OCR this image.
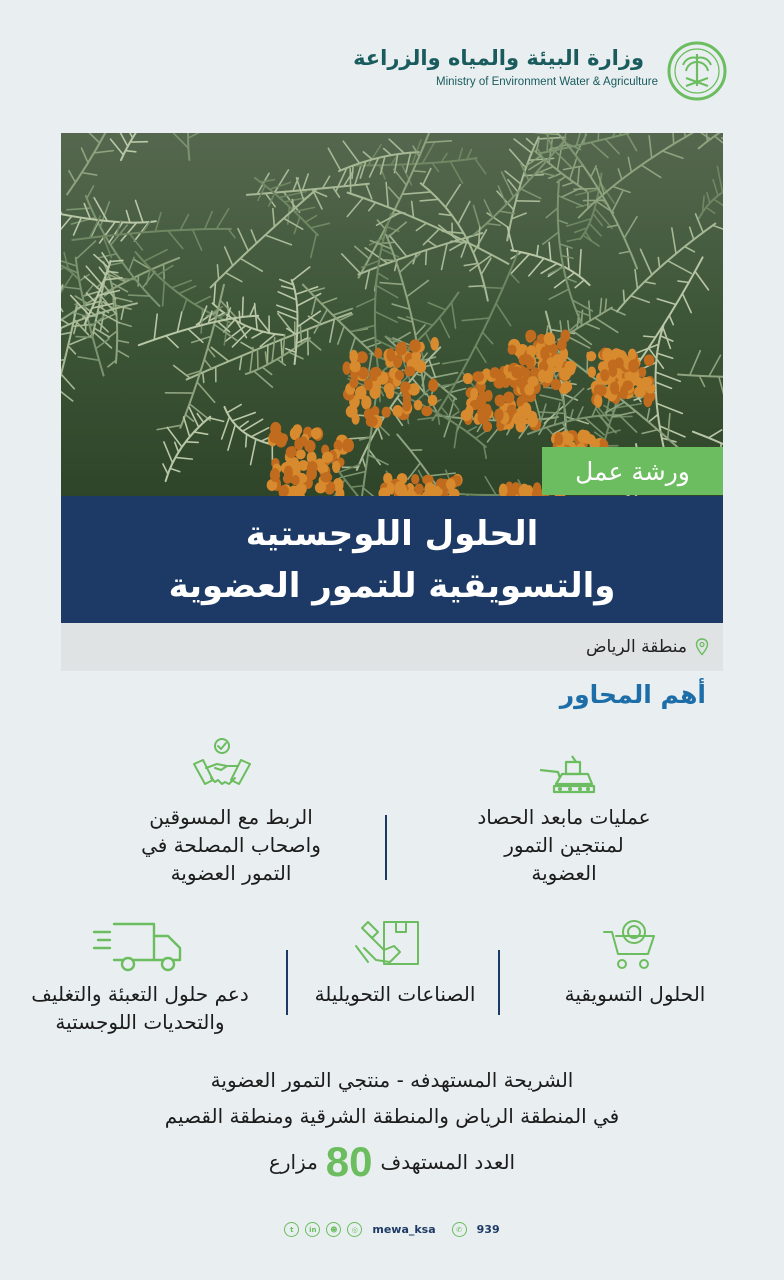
وزارة البيئة والمياه والزراعة
Ministry of Environment Water & Agriculture
ورشة عمل
الحلول اللوجستية
والتسويقية للتمور العضوية
منطقة الرياض
أهم المحاور
عمليات مابعد الحصاد
لمنتجين التمور
العضوية
الربط مع المسوقين
واصحاب المصلحة في
التمور العضوية
الحلول التسويقية
الصناعات التحويليلة
دعم حلول التعبئة والتغليف
والتحديات اللوجستية
الشريحة المستهدفه - منتجي التمور العضوية
في المنطقة الرياض والمنطقة الشرقية ومنطقة القصيم
العدد المستهدف
80
مزارع
t	in	☻	◎	mewa_ksa	✆	939
